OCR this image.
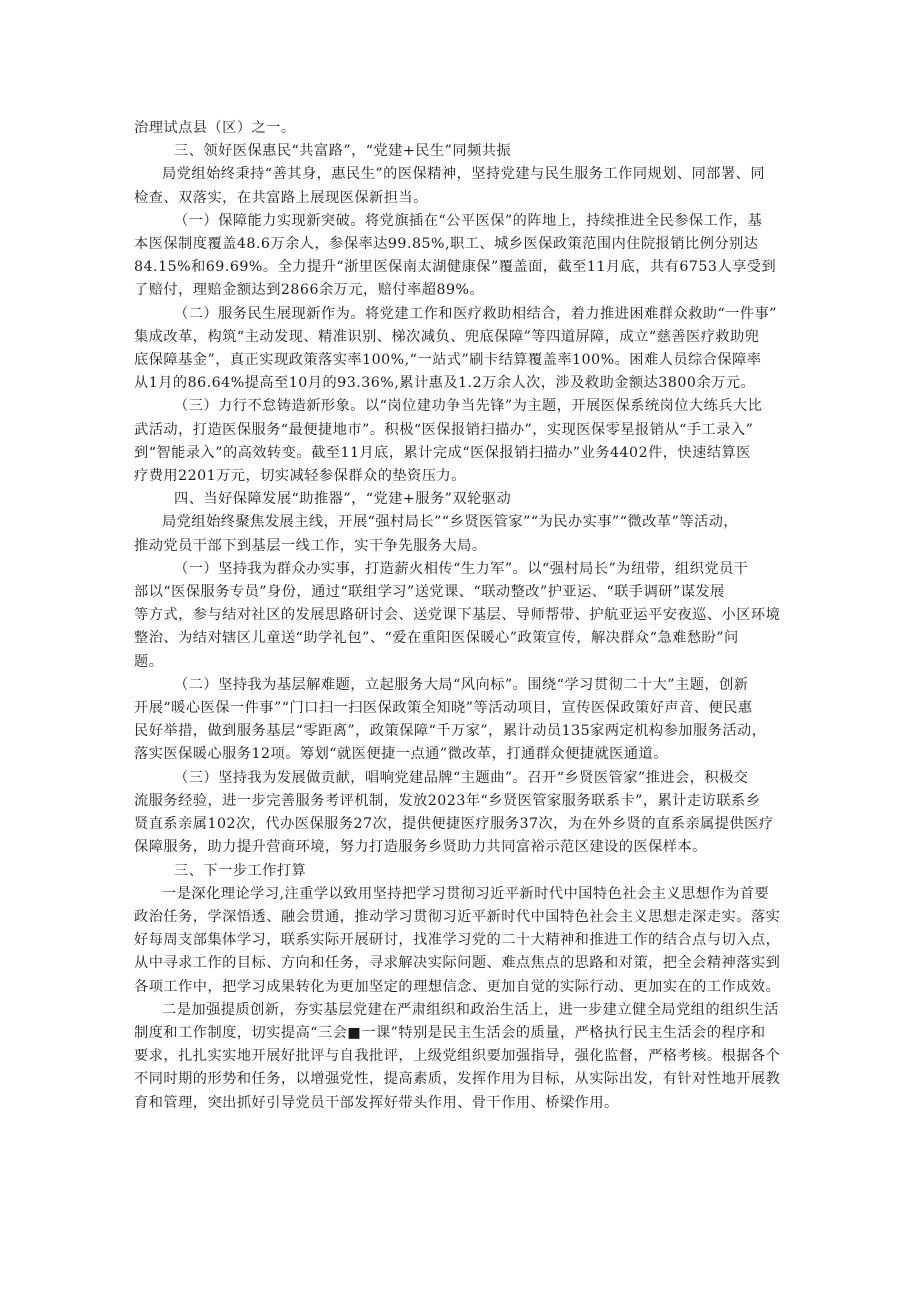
治理试点县（区）之一。
三、领好医保惠民“共富路”，“党建+民生”同频共振
局党组始终秉持“善其身，惠民生”的医保精神，坚持党建与民生服务工作同规划、同部署、同
检查、双落实，在共富路上展现医保新担当。
（一）保障能力实现新突破。将党旗插在“公平医保”的阵地上，持续推进全民参保工作，基
本医保制度覆盖48.6万余人，参保率达99.85%,职工、城乡医保政策范围内住院报销比例分别达
84.15%和69.69%。全力提升“浙里医保南太湖健康保”覆盖面，截至11月底，共有6753人享受到
了赔付，理赔金额达到2866余万元，赔付率超89%。
（二）服务民生展现新作为。将党建工作和医疗救助相结合，着力推进困难群众救助“一件事”
集成改革，构筑“主动发现、精准识别、梯次减负、兜底保障”等四道屏障，成立“慈善医疗救助兜
底保障基金”，真正实现政策落实率100%,“一站式”刷卡结算覆盖率100%。困难人员综合保障率
从1月的86.64%提高至10月的93.36%,累计惠及1.2万余人次，涉及救助金额达3800余万元。
（三）力行不怠铸造新形象。以“岗位建功争当先锋”为主题，开展医保系统岗位大练兵大比
武活动，打造医保服务“最便捷地市”。积极“医保报销扫描办”，实现医保零星报销从“手工录入”
到“智能录入”的高效转变。截至11月底，累计完成“医保报销扫描办”业务4402件，快速结算医
疗费用2201万元，切实减轻参保群众的垫资压力。
四、当好保障发展“助推器”，“党建+服务”双轮驱动
局党组始终聚焦发展主线，开展“强村局长”“乡贤医管家”“为民办实事”“微改革”等活动，
推动党员干部下到基层一线工作，实干争先服务大局。
（一）坚持我为群众办实事，打造薪火相传“生力军”。以“强村局长”为纽带，组织党员干
部以“医保服务专员”身份，通过“联组学习”送党课、“联动整改”护亚运、“联手调研”谋发展
等方式，参与结对社区的发展思路研讨会、送党课下基层、导师帮带、护航亚运平安夜巡、小区环境
整治、为结对辖区儿童送“助学礼包”、“爱在重阳医保暖心”政策宣传，解决群众“急难愁盼”问
题。
（二）坚持我为基层解难题，立起服务大局“风向标”。围绕“学习贯彻二十大”主题，创新
开展“暖心医保一件事”“门口扫一扫医保政策全知晓”等活动项目，宣传医保政策好声音、便民惠
民好举措，做到服务基层“零距离”，政策保障“千万家”，累计动员135家两定机构参加服务活动，
落实医保暖心服务12项。筹划“就医便捷一点通”微改革，打通群众便捷就医通道。
（三）坚持我为发展做贡献，唱响党建品牌“主题曲”。召开“乡贤医管家”推进会，积极交
流服务经验，进一步完善服务考评机制，发放2023年“乡贤医管家服务联系卡”，累计走访联系乡
贤直系亲属102次，代办医保服务27次，提供便捷医疗服务37次，为在外乡贤的直系亲属提供医疗
保障服务，助力提升营商环境，努力打造服务乡贤助力共同富裕示范区建设的医保样本。
三、下一步工作打算
一是深化理论学习,注重学以致用坚持把学习贯彻习近平新时代中国特色社会主义思想作为首要
政治任务，学深悟透、融会贯通，推动学习贯彻习近平新时代中国特色社会主义思想走深走实。落实
好每周支部集体学习，联系实际开展研讨，找准学习党的二十大精神和推进工作的结合点与切入点，
从中寻求工作的目标、方向和任务，寻求解决实际问题、难点焦点的思路和对策，把全会精神落实到
各项工作中，把学习成果转化为更加坚定的理想信念、更加自觉的实际行动、更加实在的工作成效。
二是加强提质创新，夯实基层党建在严肃组织和政治生活上，进一步建立健全局党组的组织生活
制度和工作制度，切实提高“三会■一课”特别是民主生活会的质量，严格执行民主生活会的程序和
要求，扎扎实实地开展好批评与自我批评，上级党组织要加强指导，强化监督，严格考核。根据各个
不同时期的形势和任务，以增强党性，提高素质，发挥作用为目标，从实际出发，有针对性地开展教
育和管理，突出抓好引导党员干部发挥好带头作用、骨干作用、桥梁作用。
